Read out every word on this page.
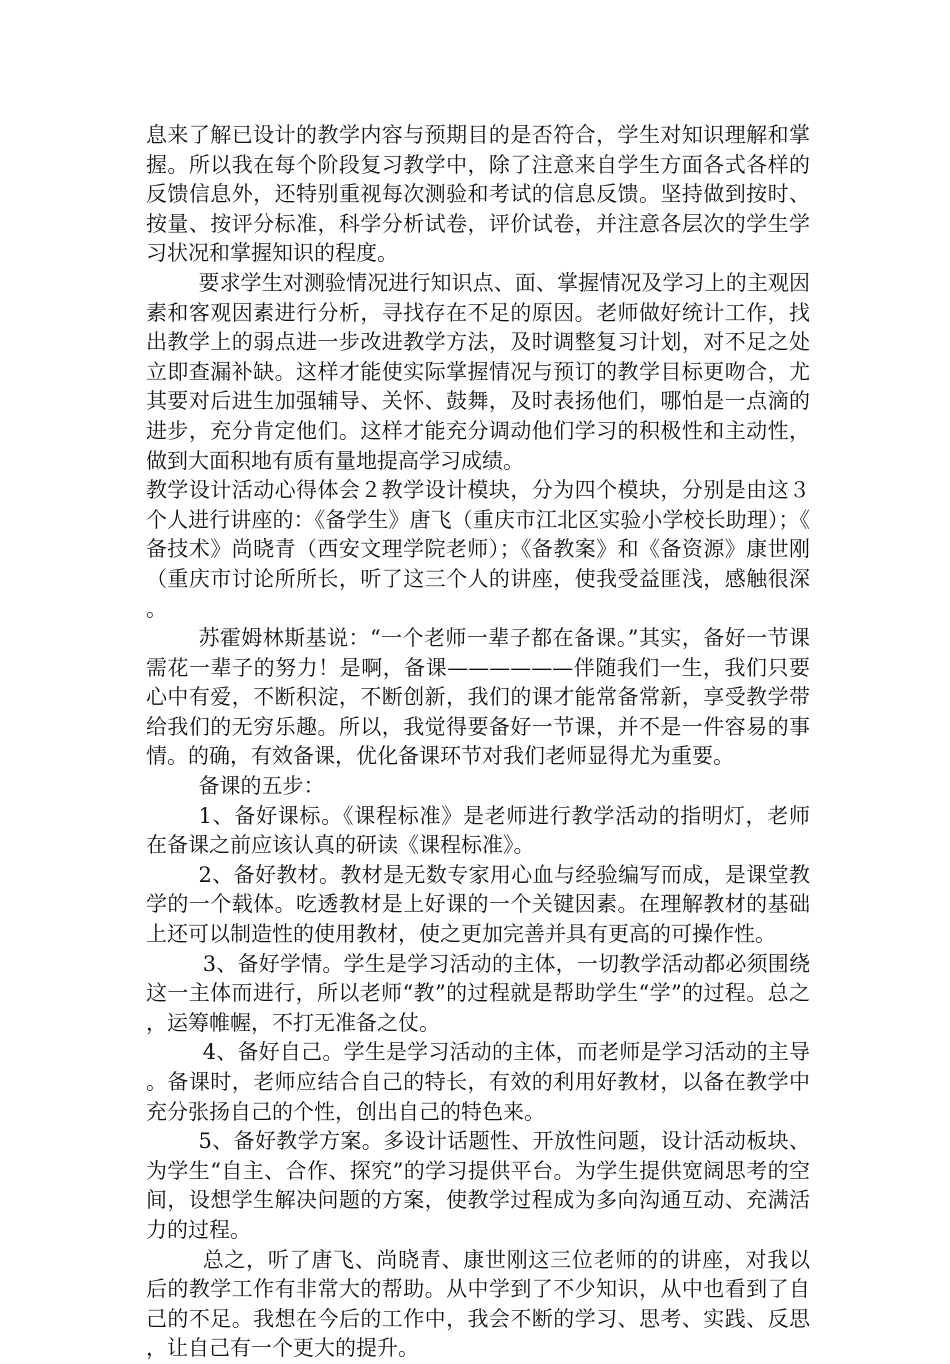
息来了解已设计的教学内容与预期目的是否符合，学生对知识理解和掌握。所以我在每个阶段复习教学中，除了注意来自学生方面各式各样的反馈信息外，还特别重视每次测验和考试的信息反馈。坚持做到按时、按量、按评分标准，科学分析试卷，评价试卷，并注意各层次的学生学习状况和掌握知识的程度。

要求学生对测验情况进行知识点、面、掌握情况及学习上的主观因素和客观因素进行分析，寻找存在不足的原因。老师做好统计工作，找出教学上的弱点进一步改进教学方法，及时调整复习计划，对不足之处立即查漏补缺。这样才能使实际掌握情况与预订的教学目标更吻合，尤其要对后进生加强辅导、关怀、鼓舞，及时表扬他们，哪怕是一点滴的进步，充分肯定他们。这样才能充分调动他们学习的积极性和主动性，做到大面积地有质有量地提高学习成绩。

教学设计活动心得体会２教学设计模块，分为四个模块，分别是由这３个人进行讲座的：《备学生》唐飞（重庆市江北区实验小学校长助理）；《备技术》尚晓青（西安文理学院老师）；《备教案》和《备资源》康世刚（重庆市讨论所所长，听了这三个人的讲座，使我受益匪浅，感触很深。

苏霍姆林斯基说：“一个老师一辈子都在备课。”其实，备好一节课需花一辈子的努力！是啊，备课——————伴随我们一生，我们只要心中有爱，不断积淀，不断创新，我们的课才能常备常新，享受教学带给我们的无穷乐趣。所以，我觉得要备好一节课，并不是一件容易的事情。的确，有效备课，优化备课环节对我们老师显得尤为重要。

备课的五步：

1、备好课标。《课程标准》是老师进行教学活动的指明灯，老师在备课之前应该认真的研读《课程标准》。

2、备好教材。教材是无数专家用心血与经验编写而成，是课堂教学的一个载体。吃透教材是上好课的一个关键因素。在理解教材的基础上还可以制造性的使用教材，使之更加完善并具有更高的可操作性。

3、备好学情。学生是学习活动的主体，一切教学活动都必须围绕这一主体而进行，所以老师“教”的过程就是帮助学生“学”的过程。总之，运筹帷幄，不打无准备之仗。

4、备好自己。学生是学习活动的主体，而老师是学习活动的主导。备课时，老师应结合自己的特长，有效的利用好教材，以备在教学中充分张扬自己的个性，创出自己的特色来。

5、备好教学方案。多设计话题性、开放性问题，设计活动板块、为学生“自主、合作、探究”的学习提供平台。为学生提供宽阔思考的空间，设想学生解决问题的方案，使教学过程成为多向沟通互动、充满活力的过程。

总之，听了唐飞、尚晓青、康世刚这三位老师的的讲座，对我以后的教学工作有非常大的帮助。从中学到了不少知识，从中也看到了自己的不足。我想在今后的工作中，我会不断的学习、思考、实践、反思，让自己有一个更大的提升。
